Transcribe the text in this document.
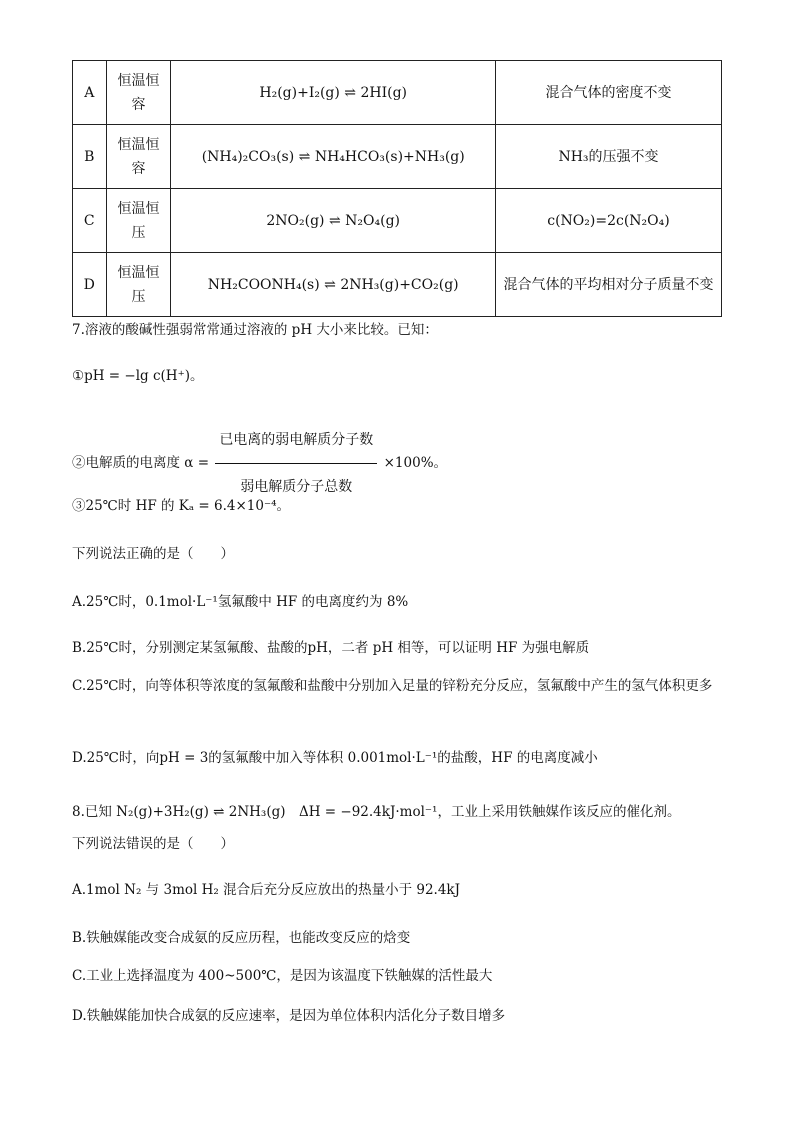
A	恒温恒容	H₂(g)+I₂(g) ⇌ 2HI(g)	混合气体的密度不变
B	恒温恒容	(NH₄)₂CO₃(s) ⇌ NH₄HCO₃(s)+NH₃(g)	NH₃的压强不变
C	恒温恒压	2NO₂(g) ⇌ N₂O₄(g)	c(NO₂)=2c(N₂O₄)
D	恒温恒压	NH₂COONH₄(s) ⇌ 2NH₃(g)+CO₂(g)	混合气体的平均相对分子质量不变
7.溶液的酸碱性强弱常常通过溶液的 pH 大小来比较。已知：
①pH = −lg c(H⁺)。
②电解质的电离度 $\alpha = \frac{\text{已电离的弱电解质分子数}}{\text{弱电解质分子总数}} \times 100\%$。
③25℃时 HF 的 Kₐ = 6.4×10⁻⁴。
下列说法正确的是（　　）
A.25℃时，0.1mol·L⁻¹氢氟酸中 HF 的电离度约为 8%
B.25℃时，分别测定某氢氟酸、盐酸的pH，二者 pH 相等，可以证明 HF 为强电解质
C.25℃时，向等体积等浓度的氢氟酸和盐酸中分别加入足量的锌粉充分反应，氢氟酸中产生的氢气体积更多
D.25℃时，向pH = 3的氢氟酸中加入等体积 0.001mol·L⁻¹的盐酸，HF 的电离度减小
8.已知 N₂(g)+3H₂(g) ⇌ 2NH₃(g)　ΔH = −92.4kJ·mol⁻¹，工业上采用铁触媒作该反应的催化剂。
下列说法错误的是（　　）
A.1mol N₂ 与 3mol H₂ 混合后充分反应放出的热量小于 92.4kJ
B.铁触媒能改变合成氨的反应历程，也能改变反应的焓变
C.工业上选择温度为 400~500℃，是因为该温度下铁触媒的活性最大
D.铁触媒能加快合成氨的反应速率，是因为单位体积内活化分子数目增多
